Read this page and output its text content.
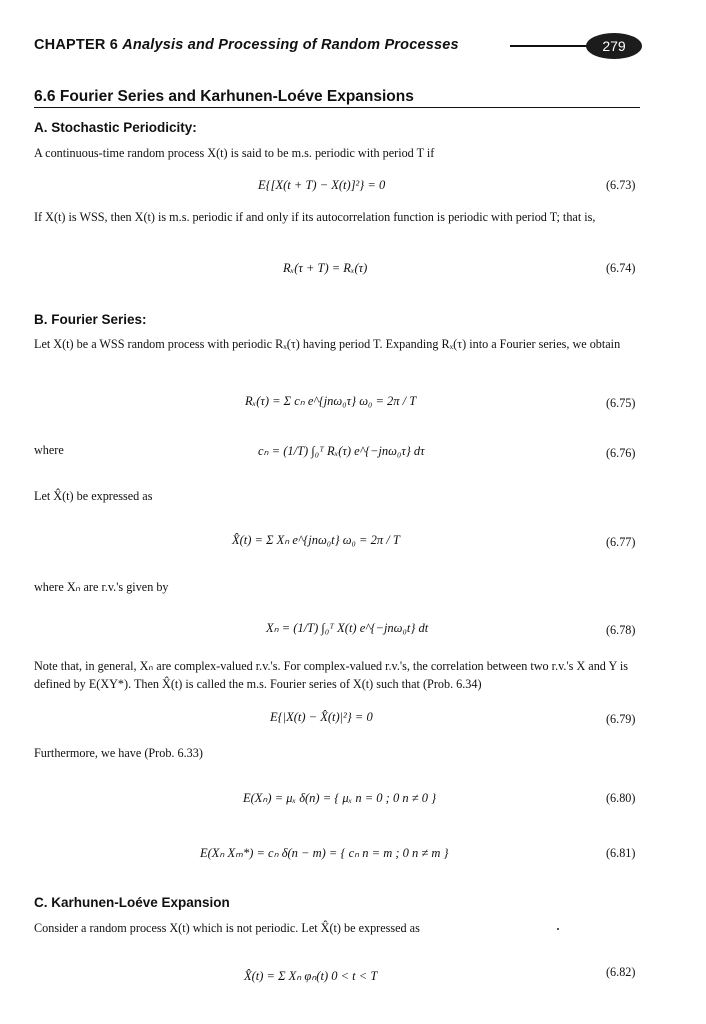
CHAPTER 6 Analysis and Processing of Random Processes	279
6.6 Fourier Series and Karhunen-Loéve Expansions
A. Stochastic Periodicity:
A continuous-time random process X(t) is said to be m.s. periodic with period T if
E{[X(t + T) − X(t)]²} = 0	(6.73)
If X(t) is WSS, then X(t) is m.s. periodic if and only if its autocorrelation function is periodic with period T; that is,
Rₓ(τ + T) = Rₓ(τ)	(6.74)
B. Fourier Series:
Let X(t) be a WSS random process with periodic Rₓ(τ) having period T. Expanding Rₓ(τ) into a Fourier series, we obtain
Rₓ(τ) = Σ cₙ e^{jnω₀τ} ω₀ = 2π / T	(6.75)
where	cₙ = (1/T) ∫₀ᵀ Rₓ(τ) e^{−jnω₀τ} dτ	(6.76)
Let X̂(t) be expressed as
X̂(t) = Σ Xₙ e^{jnω₀t} ω₀ = 2π / T	(6.77)
where Xₙ are r.v.'s given by
Xₙ = (1/T) ∫₀ᵀ X(t) e^{−jnω₀t} dt	(6.78)
Note that, in general, Xₙ are complex-valued r.v.'s. For complex-valued r.v.'s, the correlation between two r.v.'s X and Y is defined by E(XY*). Then X̂(t) is called the m.s. Fourier series of X(t) such that (Prob. 6.34)
E{|X(t) − X̂(t)|²} = 0	(6.79)
Furthermore, we have (Prob. 6.33)
E(Xₙ) = μₓ δ(n) = { μₓ n = 0 ; 0 n ≠ 0 }	(6.80)
E(Xₙ Xₘ*) = cₙ δ(n − m) = { cₙ n = m ; 0 n ≠ m }	(6.81)
C. Karhunen-Loéve Expansion
Consider a random process X(t) which is not periodic. Let X̂(t) be expressed as
X̂(t) = Σ Xₙ φₙ(t) 0 < t < T	(6.82)
